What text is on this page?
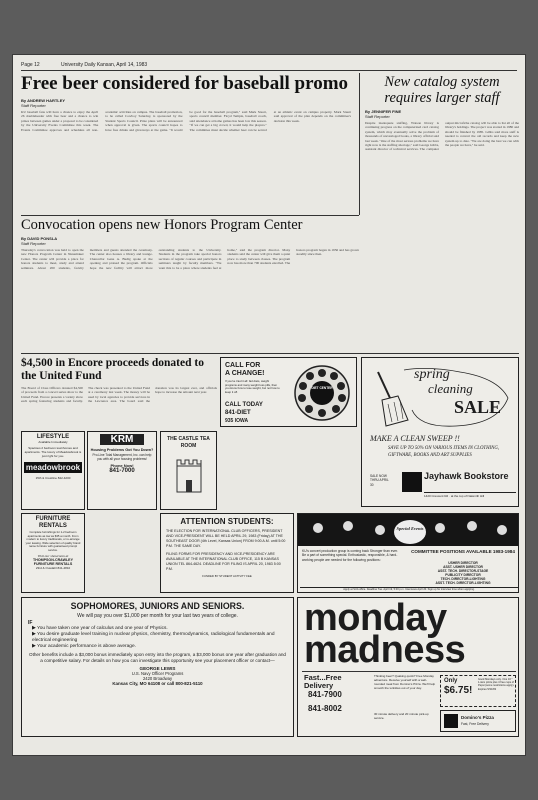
Page 12	University Daily Kansan, April 14, 1983
Free beer considered for baseball promo
By ANDREW HARTLEY
Staff Reporter
KU baseball fans will have a chance to enjoy the April 26 doubleheader with free beer and a chance to win prizes between games under a proposal to be considered by the University Events Committee this week. The Events Committee approves and schedules all non-academic activities on campus. The baseball promotion, to be called Cowboy Saturday, is sponsored by the Student Sports Council. Prize plans will be announced when approval is given. The sports council hopes to have free drinks and giveaways at the game. "It would be good for the baseball program," said Mark Stuart, sports council member. Floyd Temple, baseball coach, said attendance at home games has been low this season. "If we can get a big crowd, it would help the players." The committee must decide whether beer can be served at an athletic event on campus property. Mark Stuart said approval of the plan depends on the committee's decision this week.
New catalog system requires larger staff
By JENNIFER FINE
Staff Reporter
Despite inadequate staffing, Watson library is continuing progress on the computerized card catalog system, which may eventually solve the problem of thousands of uncataloged books, a library official said last week. "One of the most serious problems we have right now is the staffing shortage," said George Gibbs, assistant director of technical services. The computer output microfiche catalog will be able to list all of the library's holdings. The project was started in 1980 and should be finished by 1985. Gibbs said more staff is needed to convert the old records and keep the new system up to date. "We are doing the best we can with the people we have," he said.
Convocation opens new Honors Program Center
By DAVID PONSLA
Staff Reporter
Thursday's convocation was held to open the new Honors Program Center in Nunemaker Center. The center will provide a place for honors students to meet, study and attend seminars. About 200 students, faculty members and guests attended the ceremony. The center also houses a library and lounge. Chancellor Gene A. Budig spoke at the opening and praised the program. Officials hope the new facility will attract more outstanding students to the University. Students in the program take special honors sections of regular courses and participate in seminars taught by faculty members. "We want this to be a place where students feel at home," said the program director. Many students said the center will give them a quiet place to study between classes. The program now has more than 700 students enrolled. The honors program began in 1956 and has grown steadily since then.
$4,500 in Encore proceeds donated to the United Fund
The Board of Class Officers donated $4,500 of proceeds from a concert series show to the United Fund. Encore presents a variety show each spring featuring students and faculty. The check was presented to the United Fund at a ceremony last week. The money will be used by local agencies to provide services in the Lawrence area. The board said the donation was its largest ever, and officials hope to increase the amount next year.
LIFESTYLE
Available Immediately
Spacious 2 bedroom townhomes and apartments. The luxury of Meadowbrook is just right for you.
meadowbrook
15th & Crestline 842-4200
FURNITURE RENTALS
Complete furnishings for 1-2 bedroom apartments as low as $35 a month. From modern to luxury traditionals, or re-arrange your leasing. Wide selection of quality brand name furniture with guaranteed prompt service.
Visit our showroom at
THOMPSON-CRAWLEY FURNITURE RENTALS
23rd & Ousdahl 841-4810
KRM
Housing Problems Got You Down?
Pro-Line Total Management, Inc. can help you with all your housing problems!
Phone Now!
841-7000
THE CASTLE TEA ROOM
CALL FOR
A CHANGE!
If you've tried it all: fad diets, weight programs and many weight loss pills, then you know how to lose weight, but not how to keep it off.
CALL TODAY
841-DIET
935 IOWA
DIET CENTER
ATTENTION STUDENTS:
THE ELECTION FOR INTERNATIONAL CLUB OFFICERS, PRESIDENT AND VICE-PRESIDENT WILL BE HELD APRIL 29, 1983 (Friday) AT THE SOUTHEAST DOOR (4th Level, Kansas Union) FROM 9:00 A.M. until 5:00 P.M. THE SAME DAY.
FILING FORMS FOR PRESIDENCY AND VICE-PRESIDENCY ARE AVAILABLE AT THE INTERNATIONAL CLUB OFFICE, 115 B KANSAS UNION TEL 864-4624. DEADLINE FOR FILING IS APRIL 20, 1983 5:00 P.M.
FUNDED BY STUDENT ACTIVITY FEE
spring
cleaning
SALE
MAKE A CLEAN SWEEP !!
SAVE UP TO 50% ON VARIOUS ITEMS IN CLOTHING, GIFTWARE, BOOKS AND ART SUPPLIES
SALE NOW THRU APRIL 30
Jayhawk Bookstore
1420 Crescent Rd · at the top of Naismith Hill
Special Events
KU's concert production group is coming back Stronger than ever. Be a part of something special. Enthusiastic, responsible, & hard-working people are needed for the following positions:
COMMITTEE POSITIONS AVAILABLE 1983-1984
USHER DIRECTOR
ASST. USHER DIRECTOR
ASST. TECH. DIRECTOR-STAGE
PUBLICITY DIRECTOR
TECH. DIRECTOR-LIGHTING
ASST. TECH. DIRECTOR-LIGHTING
Apply at SUA office. Deadline Tue. April 19, 5:00 p.m. Interviews April 20. Sign up for interview time when applying.
SOPHOMORES, JUNIORS AND SENIORS.
We will pay you over $1,000 per month for your last two years of college.
IF
▶ You have taken one year of calculus and one year of Physics.
▶ You desire graduate level training in nuclear physics, chemistry, thermodynamics, radiological fundamentals and electrical engineering
▶ Your academic performance is above average.
Other benefits include a $3,000 bonus immediately upon entry into the program, a $3,000 bonus one year after graduation and a competitive salary. For details on how you can investigate this opportunity see your placement officer or contact—
GEORGE LEWIS
U.S. Navy Officer Programs
2420 Broadway
Kansas City, MO 64108 or call 800-821-5110
monday
madness
Fast...Free Delivery
841-7900
841-8002
Thinking beer? Quaking quick? Free Monday adventure. Receive yourself with a well-rounded meal from Domino's Pizza. We'll help smooth the wrinkles out of your day.
30 minute delivery and 20 minute pick-up service.
Only
$6.75!
Good Mondays only. One 16 " 1-item pizza plus 4 free cups of Pepsi (some restrictions apply). Expires 5/31/83
Domino's Pizza
Fast, Free Delivery
